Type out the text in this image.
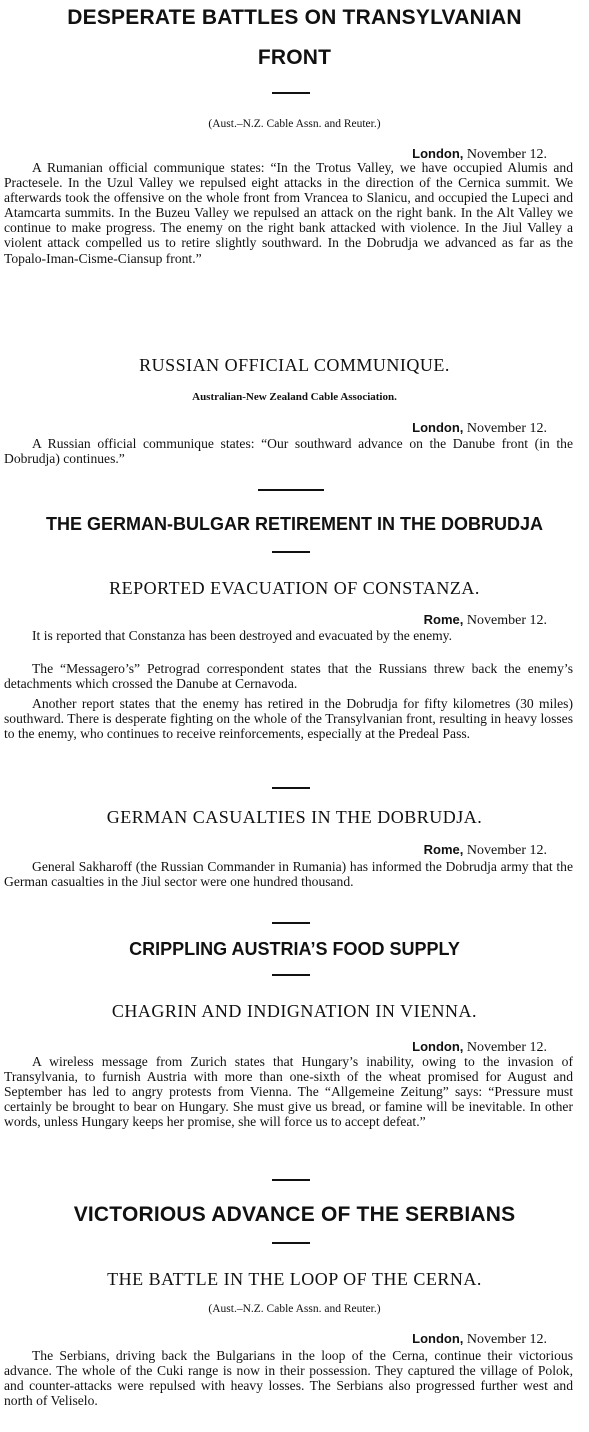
DESPERATE BATTLES ON TRANSYLVANIAN
FRONT
(Aust.–N.Z. Cable Assn. and Reuter.)
London, November 12.

A Rumanian official communique states: “In the Trotus Valley, we have occupied Alumis and Practesele. In the Uzul Valley we repulsed eight attacks in the direction of the Cernica summit. We afterwards took the offensive on the whole front from Vrancea to Slanicu, and occupied the Lupeci and Atamcarta summits. In the Buzeu Valley we repulsed an attack on the right bank. In the Alt Valley we continue to make progress. The enemy on the right bank attacked with violence. In the Jiul Valley a violent attack compelled us to retire slightly southward. In the Dobrudja we advanced as far as the Topalo-Iman-Cisme-Ciansup front.”

RUSSIAN OFFICIAL COMMUNIQUE.
Australian-New Zealand Cable Association.
London, November 12.

A Russian official communique states: “Our southward advance on the Danube front (in the Dobrudja) continues.”

THE GERMAN-BULGAR RETIREMENT IN THE DOBRUDJA
REPORTED EVACUATION OF CONSTANZA.
Rome, November 12.

It is reported that Constanza has been destroyed and evacuated by the enemy.

The “Messagero’s” Petrograd correspondent states that the Russians threw back the enemy’s detachments which crossed the Danube at Cernavoda.

Another report states that the enemy has retired in the Dobrudja for fifty kilometres (30 miles) southward. There is desperate fighting on the whole of the Transylvanian front, resulting in heavy losses to the enemy, who continues to receive reinforcements, especially at the Predeal Pass.

GERMAN CASUALTIES IN THE DOBRUDJA.
Rome, November 12.

General Sakharoff (the Russian Commander in Rumania) has informed the Dobrudja army that the German casualties in the Jiul sector were one hundred thousand.

CRIPPLING AUSTRIA’S FOOD SUPPLY
CHAGRIN AND INDIGNATION IN VIENNA.
London, November 12.

A wireless message from Zurich states that Hungary’s inability, owing to the invasion of Transylvania, to furnish Austria with more than one-sixth of the wheat promised for August and September has led to angry protests from Vienna. The “Allgemeine Zeitung” says: “Pressure must certainly be brought to bear on Hungary. She must give us bread, or famine will be inevitable. In other words, unless Hungary keeps her promise, she will force us to accept defeat.”

VICTORIOUS ADVANCE OF THE SERBIANS
THE BATTLE IN THE LOOP OF THE CERNA.
(Aust.–N.Z. Cable Assn. and Reuter.)
London, November 12.

The Serbians, driving back the Bulgarians in the loop of the Cerna, continue their victorious advance. The whole of the Cuki range is now in their possession. They captured the village of Polok, and counter-attacks were repulsed with heavy losses. The Serbians also progressed further west and north of Veliselo.
